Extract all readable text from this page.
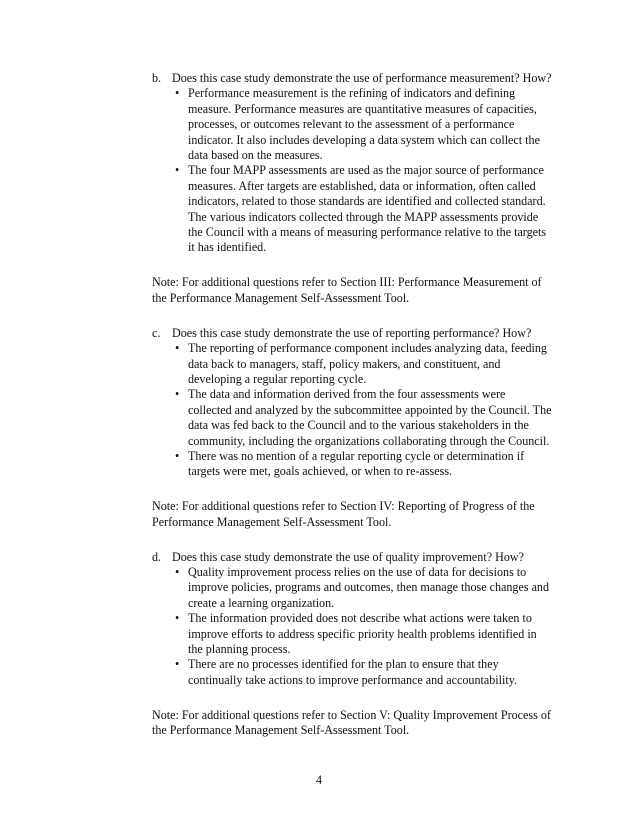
b. Does this case study demonstrate the use of performance measurement? How?
• Performance measurement is the refining of indicators and defining measure. Performance measures are quantitative measures of capacities, processes, or outcomes relevant to the assessment of a performance indicator. It also includes developing a data system which can collect the data based on the measures.
• The four MAPP assessments are used as the major source of performance measures. After targets are established, data or information, often called indicators, related to those standards are identified and collected standard. The various indicators collected through the MAPP assessments provide the Council with a means of measuring performance relative to the targets it has identified.
Note: For additional questions refer to Section III: Performance Measurement of the Performance Management Self-Assessment Tool.
c. Does this case study demonstrate the use of reporting performance? How?
• The reporting of performance component includes analyzing data, feeding data back to managers, staff, policy makers, and constituent, and developing a regular reporting cycle.
• The data and information derived from the four assessments were collected and analyzed by the subcommittee appointed by the Council. The data was fed back to the Council and to the various stakeholders in the community, including the organizations collaborating through the Council.
• There was no mention of a regular reporting cycle or determination if targets were met, goals achieved, or when to re-assess.
Note: For additional questions refer to Section IV: Reporting of Progress of the Performance Management Self-Assessment Tool.
d. Does this case study demonstrate the use of quality improvement? How?
• Quality improvement process relies on the use of data for decisions to improve policies, programs and outcomes, then manage those changes and create a learning organization.
• The information provided does not describe what actions were taken to improve efforts to address specific priority health problems identified in the planning process.
• There are no processes identified for the plan to ensure that they continually take actions to improve performance and accountability.
Note: For additional questions refer to Section V: Quality Improvement Process of the Performance Management Self-Assessment Tool.
4
